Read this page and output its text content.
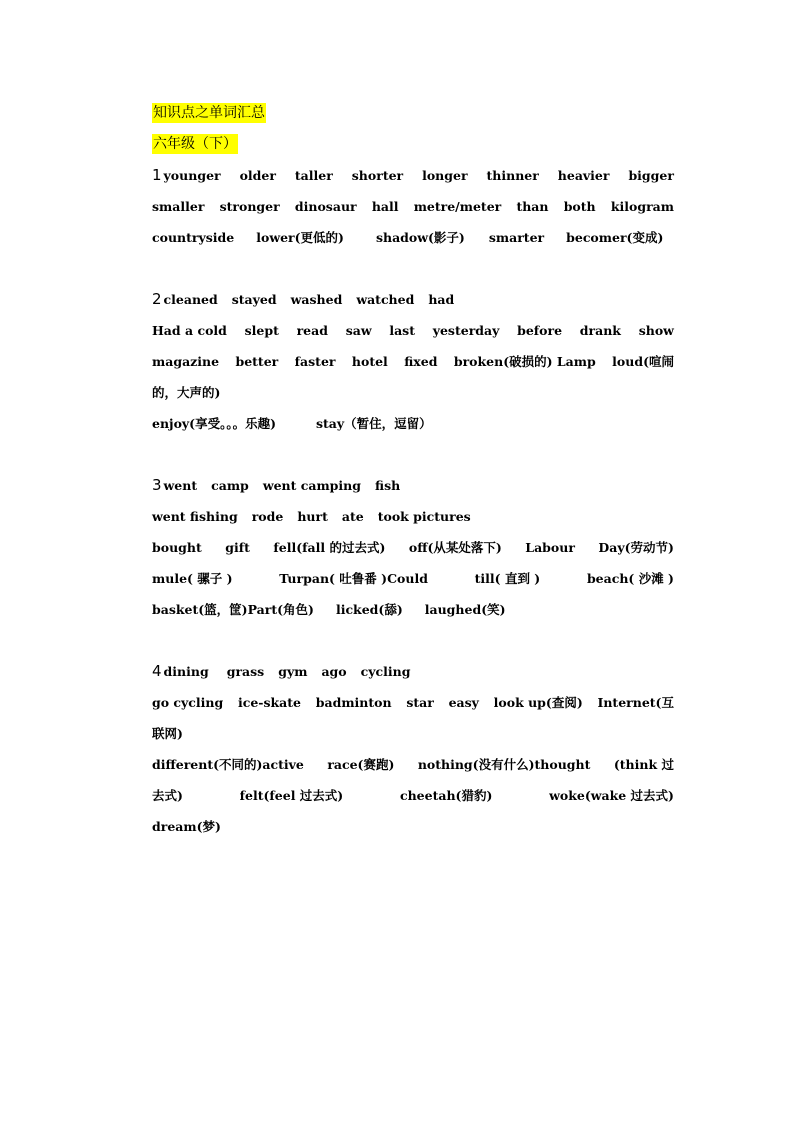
知识点之单词汇总
六年级（下）
1 younger older taller shorter longer thinner heavier bigger
smaller stronger dinosaur hall metre/meter than both kilogram
countryside lower(更低的)	shadow(影子) smarter becomer(变成)
2 cleaned stayed washed watched had
Had a cold slept read saw last yesterday before drank show
magazine better faster hotel fixed broken(破损的) Lamp loud(喧闹
的，大声的)
enjoy(享受。。。乐趣)	stay（暂住，逗留）
3 went camp went camping fish
went fishing rode hurt ate took pictures
bought gift fell(fall 的过去式) off(从某处落下) Labour Day(劳动节)
mule( 骡子 )	Turpan( 吐鲁番 )Could	till( 直到 )	beach( 沙滩 )
basket(篮，筐)Part(角色) licked(舔) laughed(笑)
4 dining grass gym ago cycling
go cycling ice-skate badminton star easy look up(查阅) Internet(互
联网)
different(不同的)active race(赛跑) nothing(没有什么)thought (think 过
去式)	felt(feel 过去式)	cheetah(猎豹)	woke(wake 过去式)
dream(梦)
